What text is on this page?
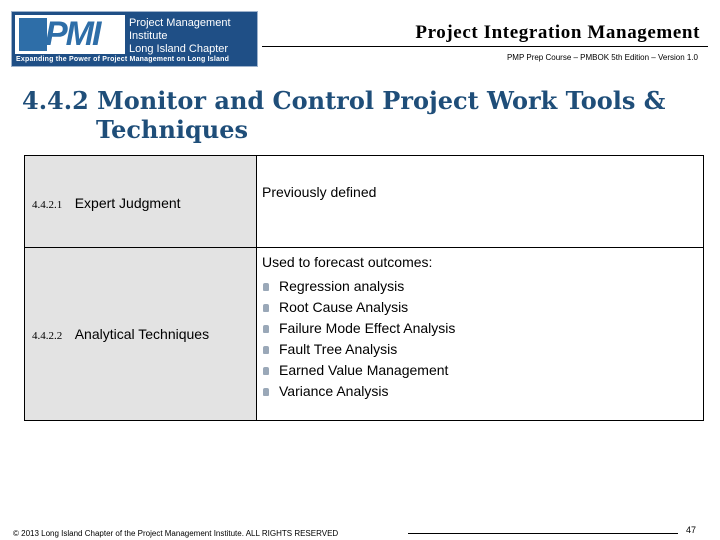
PMI	Project Management Institute
Long Island Chapter
Expanding the Power of Project Management on Long Island
Project Integration Management
PMP Prep Course – PMBOK 5th Edition – Version 1.0
4.4.2 Monitor and Control Project Work Tools &
Techniques
4.4.2.1 Expert Judgment
Previously defined
4.4.2.2 Analytical Techniques
Used to forecast outcomes:
Regression analysis
Root Cause Analysis
Failure Mode Effect Analysis
Fault Tree Analysis
Earned Value Management
Variance Analysis
© 2013 Long Island Chapter of the Project Management Institute. ALL RIGHTS RESERVED	47
